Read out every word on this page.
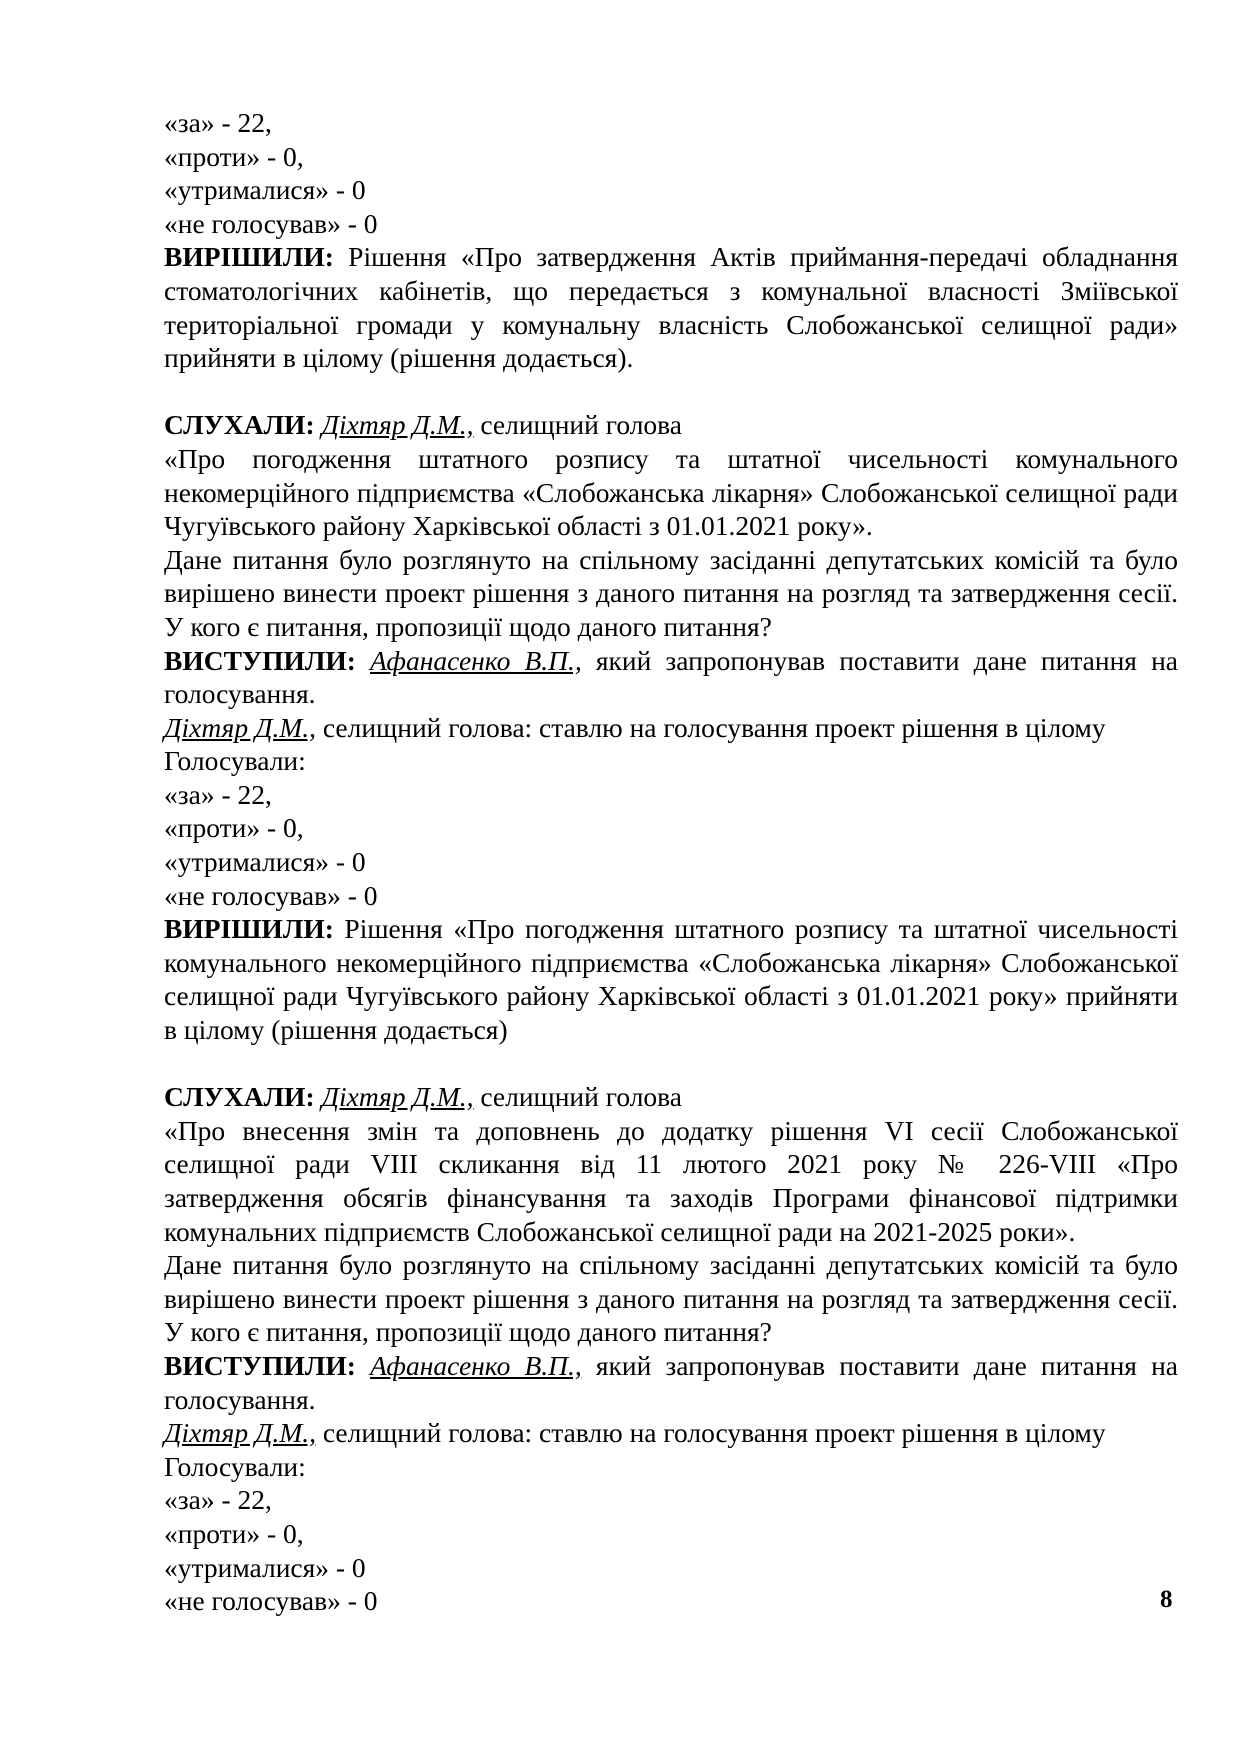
«за» - 22,
«проти» - 0,
«утрималися» - 0
«не голосував» - 0

ВИРІШИЛИ: Рішення «Про затвердження Актів приймання-передачі обладнання стоматологічних кабінетів, що передається з комунальної власності Зміївської територіальної громади у комунальну власність Слобожанської селищної ради» прийняти в цілому (рішення додається).

СЛУХАЛИ: Діхтяр Д.М., селищний голова

«Про погодження штатного розпису та штатної чисельності комунального некомерційного підприємства «Слобожанська лікарня» Слобожанської селищної ради Чугуївського району Харківської області з 01.01.2021 року».

Дане питання було розглянуто на спільному засіданні депутатських комісій та було вирішено винести проект рішення з даного питання на розгляд та затвердження сесії. У кого є питання, пропозиції щодо даного питання?

ВИСТУПИЛИ: Афанасенко В.П., який запропонував поставити дане питання на голосування.

Діхтяр Д.М., селищний голова: ставлю на голосування проект рішення в цілому

Голосували:
«за» - 22,
«проти» - 0,
«утрималися» - 0
«не голосував» - 0

ВИРІШИЛИ: Рішення «Про погодження штатного розпису та штатної чисельності комунального некомерційного підприємства «Слобожанська лікарня» Слобожанської селищної ради Чугуївського району Харківської області з 01.01.2021 року» прийняти в цілому (рішення додається)

СЛУХАЛИ: Діхтяр Д.М., селищний голова

«Про внесення змін та доповнень до додатку рішення VI сесії Слобожанської селищної ради VIII скликання від 11 лютого 2021 року № 226-VIII «Про затвердження обсягів фінансування та заходів Програми фінансової підтримки комунальних підприємств Слобожанської селищної ради на 2021-2025 роки».

Дане питання було розглянуто на спільному засіданні депутатських комісій та було вирішено винести проект рішення з даного питання на розгляд та затвердження сесії. У кого є питання, пропозиції щодо даного питання?

ВИСТУПИЛИ: Афанасенко В.П., який запропонував поставити дане питання на голосування.

Діхтяр Д.М., селищний голова: ставлю на голосування проект рішення в цілому

Голосували:
«за» - 22,
«проти» - 0,
«утрималися» - 0
«не голосував» - 0	8
